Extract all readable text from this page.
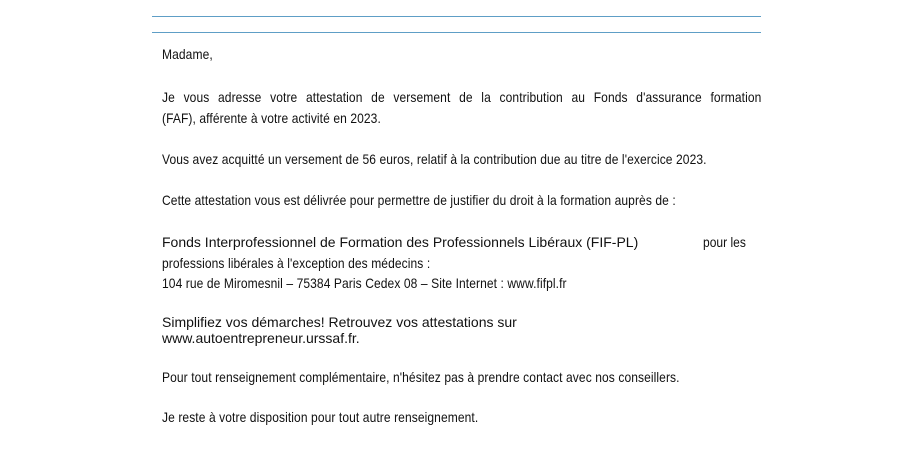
Madame,
Je vous adresse votre attestation de versement de la contribution au Fonds d'assurance formation
(FAF), afférente à votre activité en 2023.
Vous avez acquitté un versement de 56 euros, relatif à la contribution due au titre de l'exercice 2023.
Cette attestation vous est délivrée pour permettre de justifier du droit à la formation auprès de :
Fonds Interprofessionnel de Formation des Professionnels Libéraux (FIF-PL)	pour les
professions libérales à l'exception des médecins :
104 rue de Miromesnil – 75384 Paris Cedex 08 – Site Internet : www.fifpl.fr
Simplifiez vos démarches! Retrouvez vos attestations sur
www.autoentrepreneur.urssaf.fr.
Pour tout renseignement complémentaire, n'hésitez pas à prendre contact avec nos conseillers.
Je reste à votre disposition pour tout autre renseignement.
